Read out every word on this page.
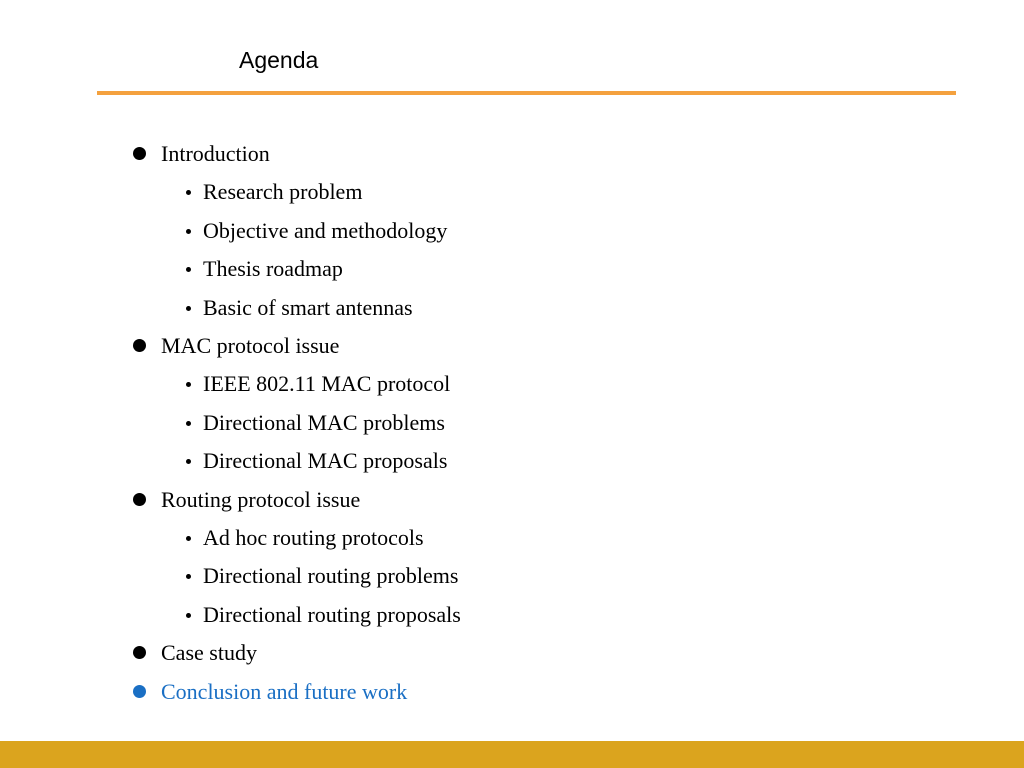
Agenda
Introduction
Research problem
Objective and methodology
Thesis roadmap
Basic of smart antennas
MAC protocol issue
IEEE 802.11 MAC protocol
Directional MAC problems
Directional MAC proposals
Routing protocol issue
Ad hoc routing protocols
Directional routing problems
Directional routing proposals
Case study
Conclusion and future work
